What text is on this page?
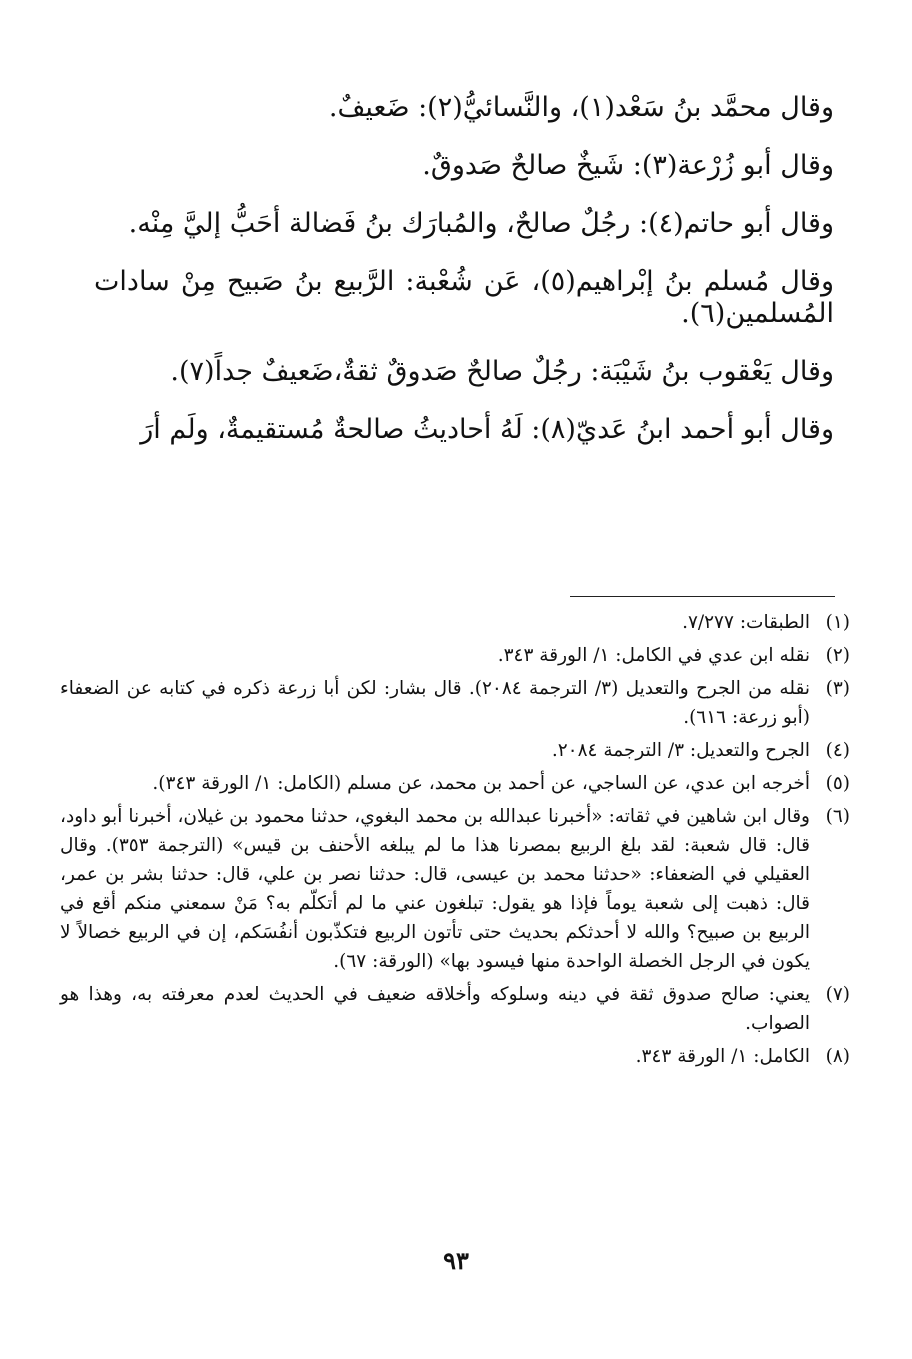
وقال محمَّد بنُ سَعْد(١)، والنَّسائيُّ(٢): ضَعيفٌ.

وقال أبو زُرْعة(٣): شَيخٌ صالحٌ صَدوقٌ.

وقال أبو حاتم(٤): رجُلٌ صالحٌ، والمُبارَك بنُ فَضالة أحَبُّ إليَّ مِنْه.

وقال مُسلم بنُ إبْراهيم(٥)، عَن شُعْبة: الرَّبيع بنُ صَبيح مِنْ سادات المُسلمين(٦).

وقال يَعْقوب بنُ شَيْبَة: رجُلٌ صالحٌ صَدوقٌ ثقةٌ،ضَعيفٌ جداً(٧).

وقال أبو أحمد ابنُ عَديّ(٨): لَهُ أحاديثُ صالحةٌ مُستقيمةٌ، ولَم أرَ

(١)
الطبقات: ٧/٢٧٧.
(٢)
نقله ابن عدي في الكامل: ١/ الورقة ٣٤٣.
(٣)
نقله من الجرح والتعديل (٣/ الترجمة ٢٠٨٤). قال بشار: لكن أبا زرعة ذكره في كتابه عن الضعفاء (أبو زرعة: ٦١٦).
(٤)
الجرح والتعديل: ٣/ الترجمة ٢٠٨٤.
(٥)
أخرجه ابن عدي، عن الساجي، عن أحمد بن محمد، عن مسلم (الكامل: ١/ الورقة ٣٤٣).
(٦)
وقال ابن شاهين في ثقاته: «أخبرنا عبدالله بن محمد البغوي، حدثنا محمود بن غيلان، أخبرنا أبو داود، قال: قال شعبة: لقد بلغ الربيع بمصرنا هذا ما لم يبلغه الأحنف بن قيس» (الترجمة ٣٥٣). وقال العقيلي في الضعفاء: «حدثنا محمد بن عيسى، قال: حدثنا نصر بن علي، قال: حدثنا بشر بن عمر، قال: ذهبت إلى شعبة يوماً فإذا هو يقول: تبلغون عني ما لم أتكلّم به؟ مَنْ سمعني منكم أقع في الربيع بن صبيح؟ والله لا أحدثكم بحديث حتى تأتون الربيع فتكذّبون أنفُسَكم، إن في الربيع خصالاً لا يكون في الرجل الخصلة الواحدة منها فيسود بها» (الورقة: ٦٧).
(٧)
يعني: صالح صدوق ثقة في دينه وسلوكه وأخلاقه ضعيف في الحديث لعدم معرفته به، وهذا هو الصواب.
(٨)
الكامل: ١/ الورقة ٣٤٣.
٩٣
